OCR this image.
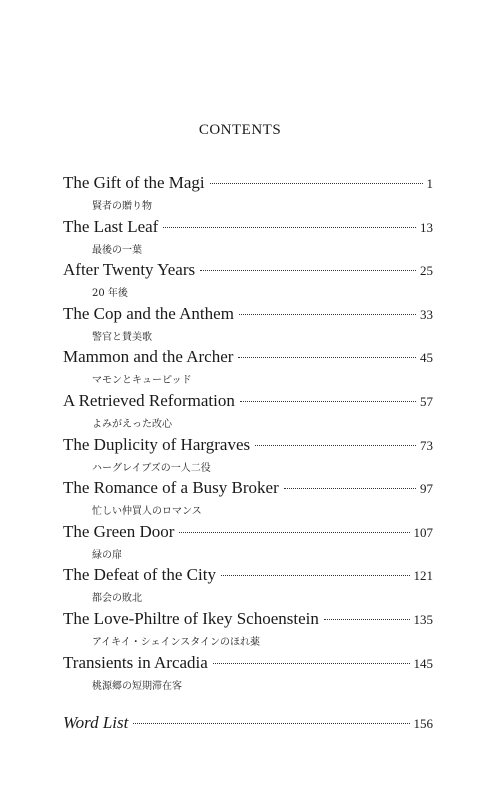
CONTENTS
The Gift of the Magi	1
賢者の贈り物
The Last Leaf	13
最後の一葉
After Twenty Years	25
20 年後
The Cop and the Anthem	33
警官と賛美歌
Mammon and the Archer	45
マモンとキューピッド
A Retrieved Reformation	57
よみがえった改心
The Duplicity of Hargraves	73
ハーグレイブズの一人二役
The Romance of a Busy Broker	97
忙しい仲買人のロマンス
The Green Door	107
緑の扉
The Defeat of the City	121
都会の敗北
The Love-Philtre of Ikey Schoenstein	135
アイキイ・シェインスタインのほれ薬
Transients in Arcadia	145
桃源郷の短期滞在客
Word List	156
